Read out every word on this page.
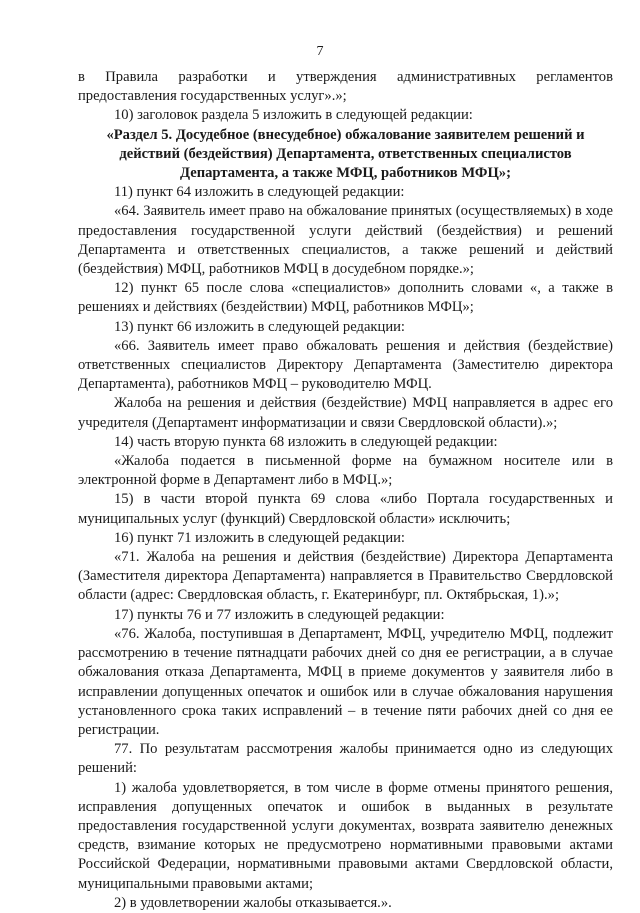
7

в Правила разработки и утверждения административных регламентов предоставления государственных услуг».»;

10) заголовок раздела 5 изложить в следующей редакции:

«Раздел 5. Досудебное (внесудебное) обжалование заявителем решений и действий (бездействия) Департамента, ответственных специалистов Департамента, а также МФЦ, работников МФЦ»;

11) пункт 64 изложить в следующей редакции:

«64. Заявитель имеет право на обжалование принятых (осуществляемых) в ходе предоставления государственной услуги действий (бездействия) и решений Департамента и ответственных специалистов, а также решений и действий (бездействия) МФЦ, работников МФЦ в досудебном порядке.»;

12) пункт 65 после слова «специалистов» дополнить словами «, а также в решениях и действиях (бездействии) МФЦ, работников МФЦ»;

13) пункт 66 изложить в следующей редакции:

«66. Заявитель имеет право обжаловать решения и действия (бездействие) ответственных специалистов Директору Департамента (Заместителю директора Департамента), работников МФЦ – руководителю МФЦ.

Жалоба на решения и действия (бездействие) МФЦ направляется в адрес его учредителя (Департамент информатизации и связи Свердловской области).»;

14) часть вторую пункта 68 изложить в следующей редакции:

«Жалоба подается в письменной форме на бумажном носителе или в электронной форме в Департамент либо в МФЦ.»;

15) в части второй пункта 69 слова «либо Портала государственных и муниципальных услуг (функций) Свердловской области» исключить;

16) пункт 71 изложить в следующей редакции:

«71. Жалоба на решения и действия (бездействие) Директора Департамента (Заместителя директора Департамента) направляется в Правительство Свердловской области (адрес: Свердловская область, г. Екатеринбург, пл. Октябрьская, 1).»;

17) пункты 76 и 77 изложить в следующей редакции:

«76. Жалоба, поступившая в Департамент, МФЦ, учредителю МФЦ, подлежит рассмотрению в течение пятнадцати рабочих дней со дня ее регистрации, а в случае обжалования отказа Департамента, МФЦ в приеме документов у заявителя либо в исправлении допущенных опечаток и ошибок или в случае обжалования нарушения установленного срока таких исправлений – в течение пяти рабочих дней со дня ее регистрации.

77. По результатам рассмотрения жалобы принимается одно из следующих решений:

1) жалоба удовлетворяется, в том числе в форме отмены принятого решения, исправления допущенных опечаток и ошибок в выданных в результате предоставления государственной услуги документах, возврата заявителю денежных средств, взимание которых не предусмотрено нормативными правовыми актами Российской Федерации, нормативными правовыми актами Свердловской области, муниципальными правовыми актами;

2) в удовлетворении жалобы отказывается.».
